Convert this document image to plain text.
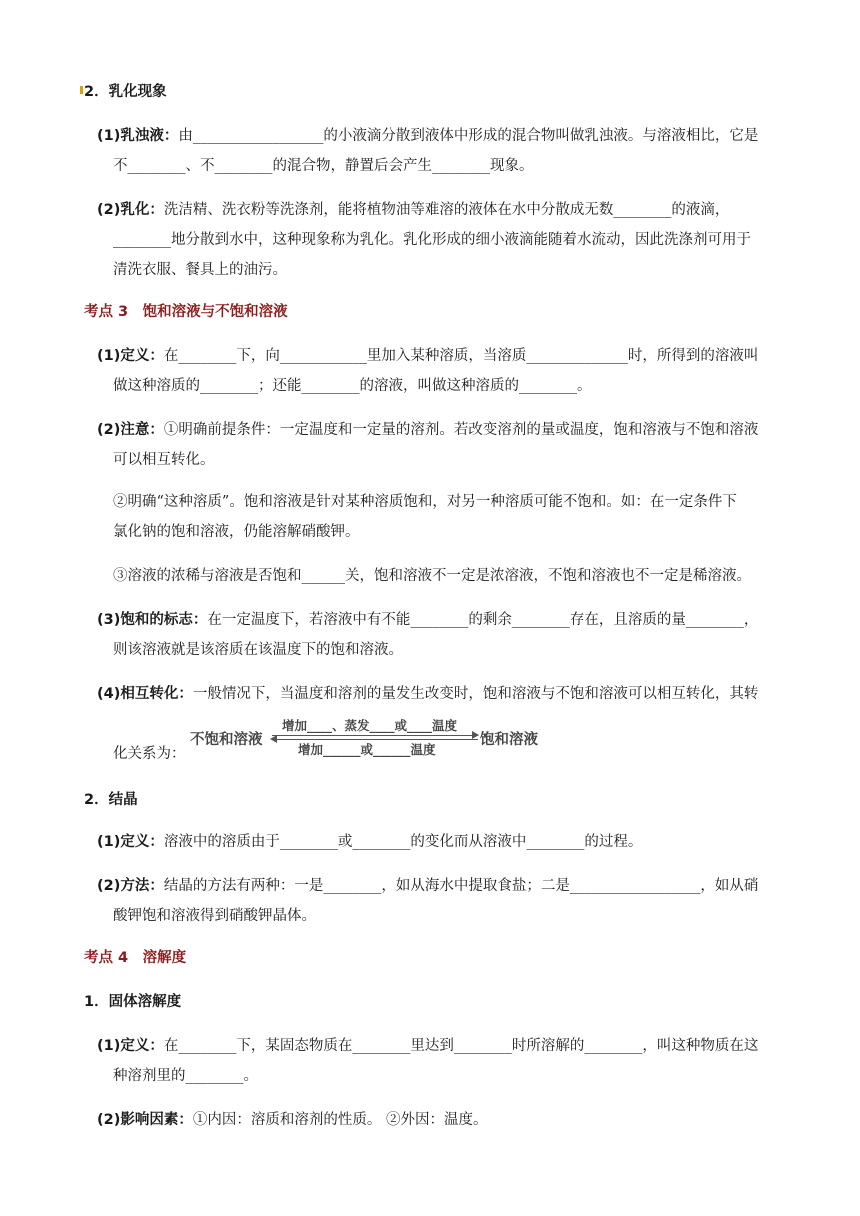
2．乳化现象
(1)乳浊液：由__________________的小液滴分散到液体中形成的混合物叫做乳浊液。与溶液相比，它是
不________、不________的混合物，静置后会产生________现象。
(2)乳化：洗洁精、洗衣粉等洗涤剂，能将植物油等难溶的液体在水中分散成无数________的液滴，
________地分散到水中，这种现象称为乳化。乳化形成的细小液滴能随着水流动，因此洗涤剂可用于
清洗衣服、餐具上的油污。
考点 3　饱和溶液与不饱和溶液
(1)定义：在________下，向____________里加入某种溶质，当溶质______________时，所得到的溶液叫
做这种溶质的________；还能________的溶液，叫做这种溶质的________。
(2)注意：①明确前提条件：一定温度和一定量的溶剂。若改变溶剂的量或温度，饱和溶液与不饱和溶液
可以相互转化。
②明确“这种溶质”。饱和溶液是针对某种溶质饱和，对另一种溶质可能不饱和。如：在一定条件下
氯化钠的饱和溶液，仍能溶解硝酸钾。
③溶液的浓稀与溶液是否饱和______关，饱和溶液不一定是浓溶液，不饱和溶液也不一定是稀溶液。
(3)饱和的标志：在一定温度下，若溶液中有不能________的剩余________存在，且溶质的量________，
则该溶液就是该溶质在该温度下的饱和溶液。
(4)相互转化：一般情况下，当温度和溶剂的量发生改变时，饱和溶液与不饱和溶液可以相互转化，其转
化关系为：
不饱和溶液
增加____、蒸发____或____温度
增加______或______温度
饱和溶液
2．结晶
(1)定义：溶液中的溶质由于________或________的变化而从溶液中________的过程。
(2)方法：结晶的方法有两种：一是________，如从海水中提取食盐；二是__________________，如从硝
酸钾饱和溶液得到硝酸钾晶体。
考点 4　溶解度
1．固体溶解度
(1)定义：在________下，某固态物质在________里达到________时所溶解的________，叫这种物质在这
种溶剂里的________。
(2)影响因素：①内因：溶质和溶剂的性质。 ②外因：温度。
